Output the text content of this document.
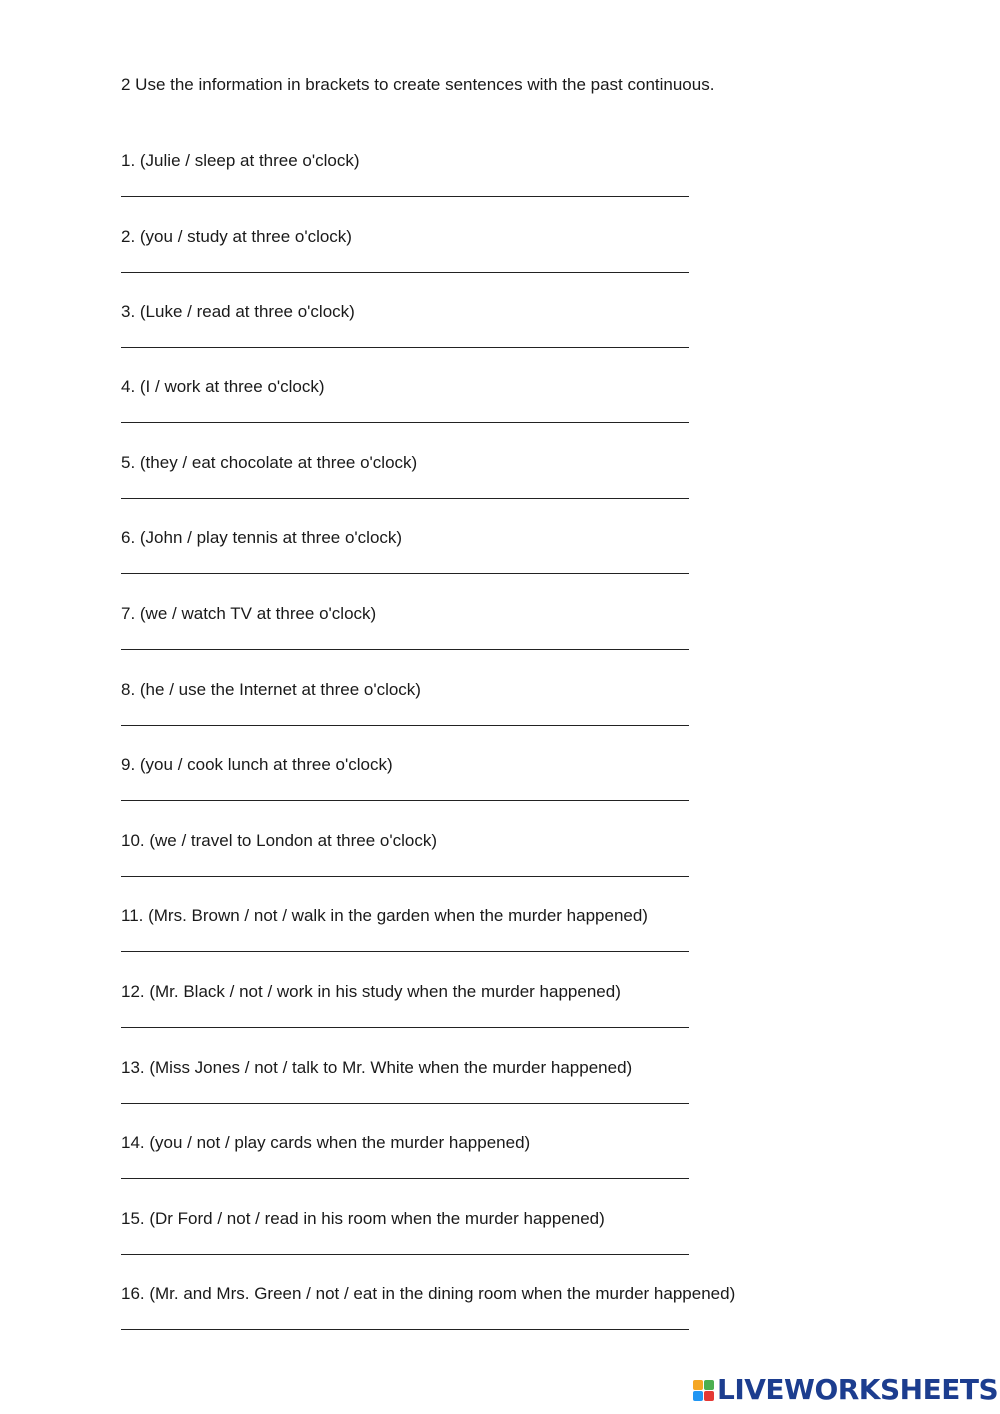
2 Use the information in brackets to create sentences with the past continuous.
1. (Julie / sleep at three o'clock)
2. (you / study at three o'clock)
3. (Luke / read at three o'clock)
4. (I / work at three o'clock)
5. (they / eat chocolate at three o'clock)
6. (John / play tennis at three o'clock)
7. (we / watch TV at three o'clock)
8. (he / use the Internet at three o'clock)
9. (you / cook lunch at three o'clock)
10. (we / travel to London at three o'clock)
11. (Mrs. Brown / not / walk in the garden when the murder happened)
12. (Mr. Black / not / work in his study when the murder happened)
13. (Miss Jones / not / talk to Mr. White when the murder happened)
14. (you / not / play cards when the murder happened)
15. (Dr Ford / not / read in his room when the murder happened)
16. (Mr. and Mrs. Green / not / eat in the dining room when the murder happened)
LIVEWORKSHEETS
